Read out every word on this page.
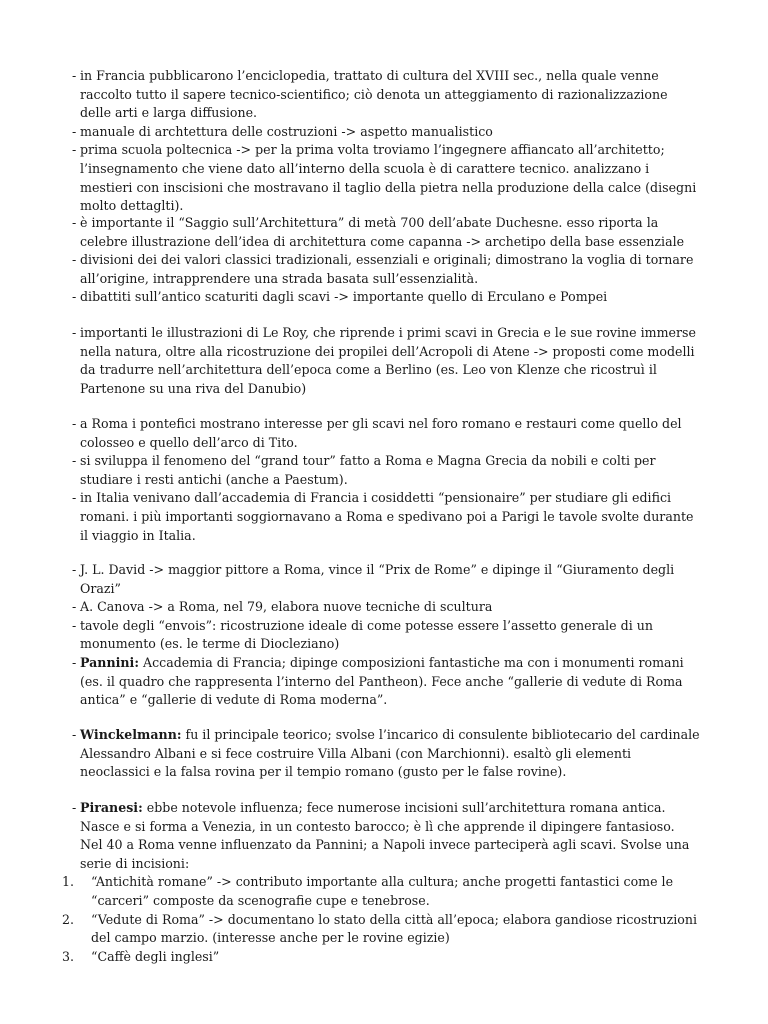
- in Francia pubblicarono l’enciclopedia, trattato di cultura del XVIII sec., nella quale venne raccolto tutto il sapere tecnico-scientifico; ciò denota un atteggiamento di razionalizzazione delle arti e larga diffusione.
- manuale di archtettura delle costruzioni -> aspetto manualistico
- prima scuola poltecnica -> per la prima volta troviamo l’ingegnere affiancato all’architetto; l’insegnamento che viene dato all’interno della scuola è di carattere tecnico. analizzano i mestieri con inscisioni che mostravano il taglio della pietra nella produzione della calce (disegni molto dettaglti).
- è importante il “Saggio sull’Architettura” di metà 700 dell’abate Duchesne. esso riporta la celebre illustrazione dell’idea di architettura come capanna -> archetipo della base essenziale
- divisioni dei dei valori classici tradizionali, essenziali e originali; dimostrano la voglia di tornare all’origine, intrapprendere una strada basata sull’essenzialità.
- dibattiti sull’antico scaturiti dagli scavi -> importante quello di Erculano e Pompei
- importanti le illustrazioni di Le Roy, che riprende i primi scavi in Grecia e le sue rovine immerse nella natura, oltre alla ricostruzione dei propilei dell’Acropoli di Atene -> proposti come modelli da tradurre nell’architettura dell’epoca come a Berlino (es. Leo von Klenze che ricostruì il Partenone su una riva del Danubio)
- a Roma i pontefici mostrano interesse per gli scavi nel foro romano e restauri come quello del colosseo e quello dell’arco di Tito.
- si sviluppa il fenomeno del “grand tour” fatto a Roma e Magna Grecia da nobili e colti per studiare i resti antichi (anche a Paestum).
- in Italia venivano dall’accademia di Francia i cosiddetti “pensionaire” per studiare gli edifici romani. i più importanti soggiornavano a Roma e spedivano poi a Parigi le tavole svolte durante il viaggio in Italia.
- J. L. David -> maggior pittore a Roma, vince il “Prix de Rome” e dipinge il “Giuramento degli Orazi”
- A. Canova -> a Roma, nel 79, elabora nuove tecniche di scultura
- tavole degli “envois”: ricostruzione ideale di come potesse essere l’assetto generale di un monumento (es. le terme di Diocleziano)
- Pannini: Accademia di Francia; dipinge composizioni fantastiche ma con i monumenti romani (es. il quadro che rappresenta l’interno del Pantheon). Fece anche “gallerie di vedute di Roma antica” e “gallerie di vedute di Roma moderna”.
- Winckelmann: fu il principale teorico; svolse l’incarico di consulente bibliotecario del cardinale Alessandro Albani e si fece costruire Villa Albani (con Marchionni). esaltò gli elementi neoclassici e la falsa rovina per il tempio romano (gusto per le false rovine).
- Piranesi: ebbe notevole influenza; fece numerose incisioni sull’architettura romana antica. Nasce e si forma a Venezia, in un contesto barocco; è lì che apprende il dipingere fantasioso. Nel 40 a Roma venne influenzato da Pannini; a Napoli invece parteciperà agli scavi. Svolse una serie di incisioni:
1. “Antichità romane” -> contributo importante alla cultura; anche progetti fantastici come le “carceri” composte da scenografie cupe e tenebrose.
2. “Vedute di Roma” -> documentano lo stato della città all’epoca; elabora gandiose ricostruzioni del campo marzio. (interesse anche per le rovine egizie)
3. “Caffè degli inglesi”
